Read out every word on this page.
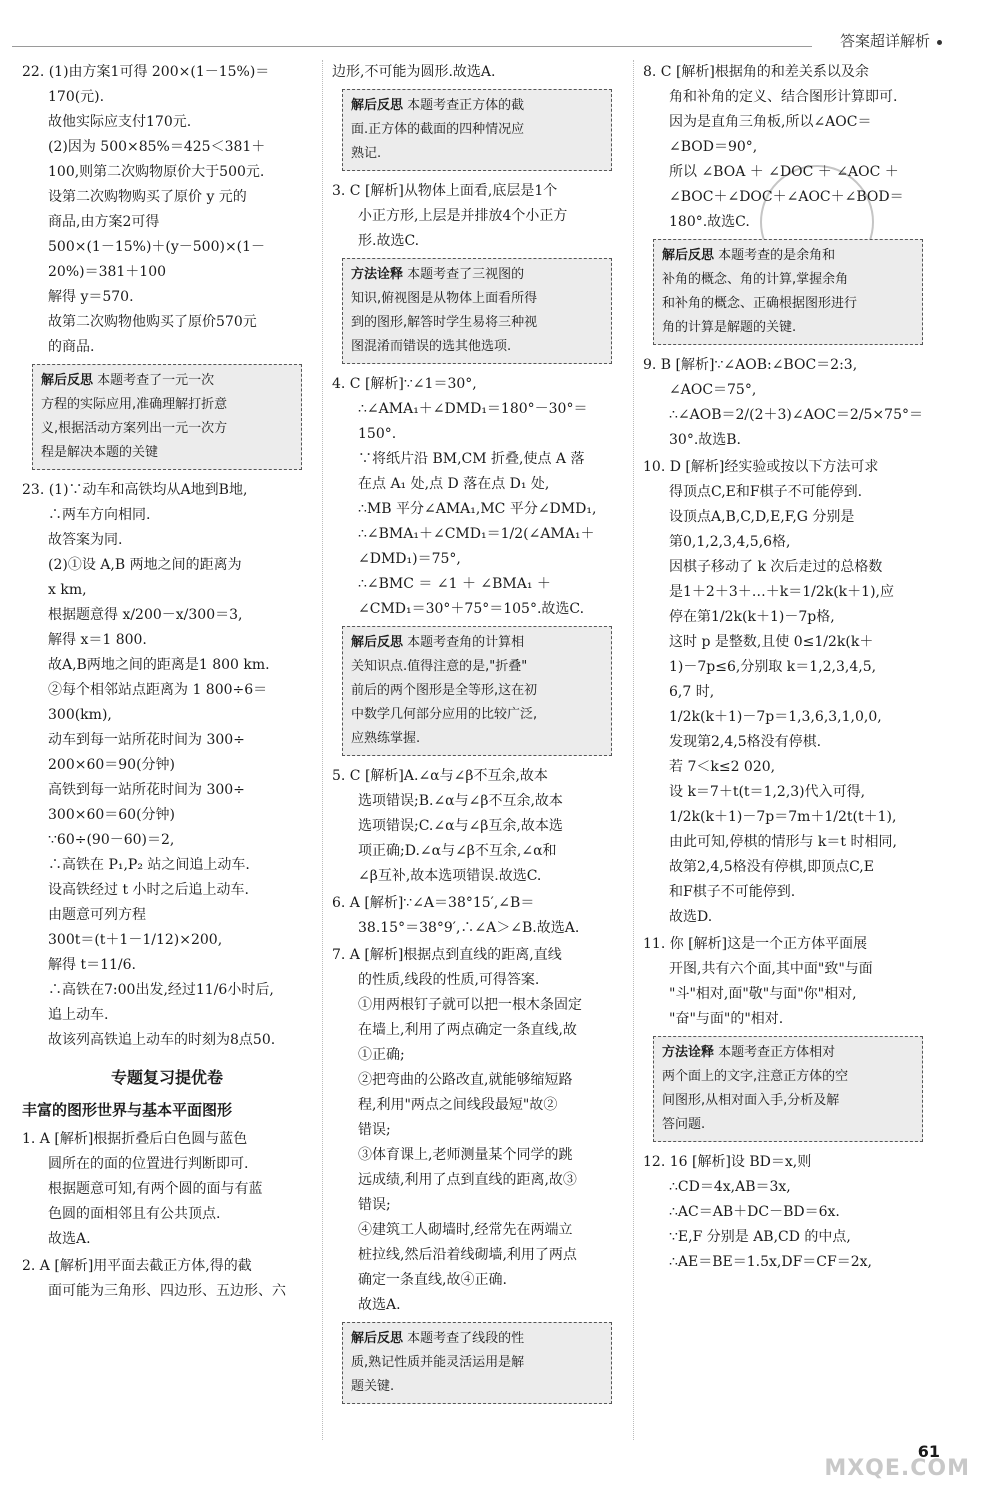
答案超详解析
22. (1)由方案1可得 200×(1－15%)＝
170(元).
故他实际应支付170元.
(2)因为 500×85%＝425＜381＋
100,则第二次购物原价大于500元.
设第二次购物购买了原价 y 元的
商品,由方案2可得
500×(1－15%)＋(y－500)×(1－
20%)＝381＋100
解得 y＝570.
故第二次购物他购买了原价570元
的商品.
解后反思 本题考查了一元一次
方程的实际应用,准确理解打折意
义,根据活动方案列出一元一次方
程是解决本题的关键
23. (1)∵动车和高铁均从A地到B地,
∴两车方向相同.
故答案为同.
(2)①设 A,B 两地之间的距离为
x km,
根据题意得 x/200－x/300＝3,
解得 x＝1 800.
故A,B两地之间的距离是1 800 km.
②每个相邻站点距离为 1 800÷6＝
300(km),
动车到每一站所花时间为 300÷
200×60＝90(分钟)
高铁到每一站所花时间为 300÷
300×60＝60(分钟)
∵60÷(90－60)＝2,
∴高铁在 P₁,P₂ 站之间追上动车.
设高铁经过 t 小时之后追上动车.
由题意可列方程
300t＝(t＋1－1/12)×200,
解得 t＝11/6.
∴高铁在7:00出发,经过11/6小时后,
追上动车.
故该列高铁追上动车的时刻为8点50.
专题复习提优卷
丰富的图形世界与基本平面图形
1. A [解析]根据折叠后白色圆与蓝色
圆所在的面的位置进行判断即可.
根据题意可知,有两个圆的面与有蓝
色圆的面相邻且有公共顶点.
故选A.
2. A [解析]用平面去截正方体,得的截
面可能为三角形、四边形、五边形、六
边形,不可能为圆形.故选A.
解后反思 本题考查正方体的截
面.正方体的截面的四种情况应
熟记.
3. C [解析]从物体上面看,底层是1个
小正方形,上层是并排放4个小正方
形.故选C.
方法诠释 本题考查了三视图的
知识,俯视图是从物体上面看所得
到的图形,解答时学生易将三种视
图混淆而错误的选其他选项.
4. C [解析]∵∠1＝30°,
∴∠AMA₁＋∠DMD₁＝180°－30°＝
150°.
∵将纸片沿 BM,CM 折叠,使点 A 落
在点 A₁ 处,点 D 落在点 D₁ 处,
∴MB 平分∠AMA₁,MC 平分∠DMD₁,
∴∠BMA₁＋∠CMD₁＝1/2(∠AMA₁＋
∠DMD₁)＝75°,
∴∠BMC ＝ ∠1 ＋ ∠BMA₁ ＋
∠CMD₁＝30°＋75°＝105°.故选C.
解后反思 本题考查角的计算相
关知识点.值得注意的是,"折叠"
前后的两个图形是全等形,这在初
中数学几何部分应用的比较广泛,
应熟练掌握.
5. C [解析]A.∠α与∠β不互余,故本
选项错误;B.∠α与∠β不互余,故本
选项错误;C.∠α与∠β互余,故本选
项正确;D.∠α与∠β不互余,∠α和
∠β互补,故本选项错误.故选C.
6. A [解析]∵∠A＝38°15′,∠B＝
38.15°＝38°9′,∴∠A＞∠B.故选A.
7. A [解析]根据点到直线的距离,直线
的性质,线段的性质,可得答案.
①用两根钉子就可以把一根木条固定
在墙上,利用了两点确定一条直线,故
①正确;
②把弯曲的公路改直,就能够缩短路
程,利用"两点之间线段最短"故②
错误;
③体育课上,老师测量某个同学的跳
远成绩,利用了点到直线的距离,故③
错误;
④建筑工人砌墙时,经常先在两端立
桩拉线,然后沿着线砌墙,利用了两点
确定一条直线,故④正确.
故选A.
解后反思 本题考查了线段的性
质,熟记性质并能灵活运用是解
题关键.
8. C [解析]根据角的和差关系以及余
角和补角的定义、结合图形计算即可.
因为是直角三角板,所以∠AOC＝
∠BOD＝90°,
所以 ∠BOA ＋ ∠DOC ＋ ∠AOC ＋
∠BOC＋∠DOC＋∠AOC＋∠BOD＝
180°.故选C.
解后反思 本题考查的是余角和
补角的概念、角的计算,掌握余角
和补角的概念、正确根据图形进行
角的计算是解题的关键.
9. B [解析]∵∠AOB:∠BOC＝2:3,
∠AOC＝75°,
∴∠AOB＝2/(2＋3)∠AOC＝2/5×75°＝
30°.故选B.
10. D [解析]经实验或按以下方法可求
得顶点C,E和F棋子不可能停到.
设顶点A,B,C,D,E,F,G 分别是
第0,1,2,3,4,5,6格,
因棋子移动了 k 次后走过的总格数
是1＋2＋3＋…＋k＝1/2k(k＋1),应
停在第1/2k(k＋1)－7p格,
这时 p 是整数,且使 0≤1/2k(k＋
1)－7p≤6,分别取 k＝1,2,3,4,5,
6,7 时,
1/2k(k＋1)－7p＝1,3,6,3,1,0,0,
发现第2,4,5格没有停棋.
若 7＜k≤2 020,
设 k＝7＋t(t＝1,2,3)代入可得,
1/2k(k＋1)－7p＝7m＋1/2t(t＋1),
由此可知,停棋的情形与 k＝t 时相同,
故第2,4,5格没有停棋,即顶点C,E
和F棋子不可能停到.
故选D.
11. 你 [解析]这是一个正方体平面展
开图,共有六个面,其中面"致"与面
"斗"相对,面"敬"与面"你"相对,
"奋"与面"的"相对.
方法诠释 本题考查正方体相对
两个面上的文字,注意正方体的空
间图形,从相对面入手,分析及解
答问题.
12. 16 [解析]设 BD＝x,则
∴CD＝4x,AB＝3x,
∴AC＝AB＋DC－BD＝6x.
∵E,F 分别是 AB,CD 的中点,
∴AE＝BE＝1.5x,DF＝CF＝2x,
61
MXQE.COM
